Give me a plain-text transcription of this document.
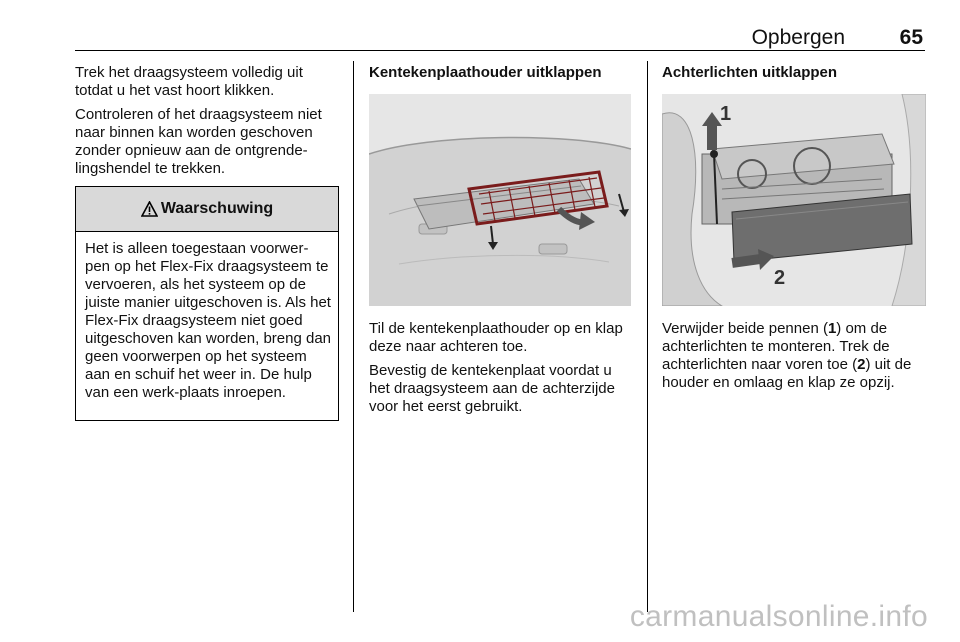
Opbergen	65

Trek het draagsysteem volledig uit totdat u het vast hoort klikken.

Controleren of het draagsysteem niet naar binnen kan worden geschoven zonder opnieuw aan de ontgrende-lingshendel te trekken.

Waarschuwing
Het is alleen toegestaan voorwer-pen op het Flex-Fix draagsysteem te vervoeren, als het systeem op de juiste manier uitgeschoven is. Als het Flex-Fix draagsysteem niet goed uitgeschoven kan worden, breng dan geen voorwerpen op het systeem aan en schuif het weer in. De hulp van een werk-plaats inroepen.

Kentekenplaathouder uitklappen

Til de kentekenplaathouder op en klap deze naar achteren toe.

Bevestig de kentekenplaat voordat u het draagsysteem aan de achterzijde voor het eerst gebruikt.

Achterlichten uitklappen

1
2

Verwijder beide pennen (1) om de achterlichten te monteren. Trek de achterlichten naar voren toe (2) uit de houder en omlaag en klap ze opzij.

carmanualsonline.info
